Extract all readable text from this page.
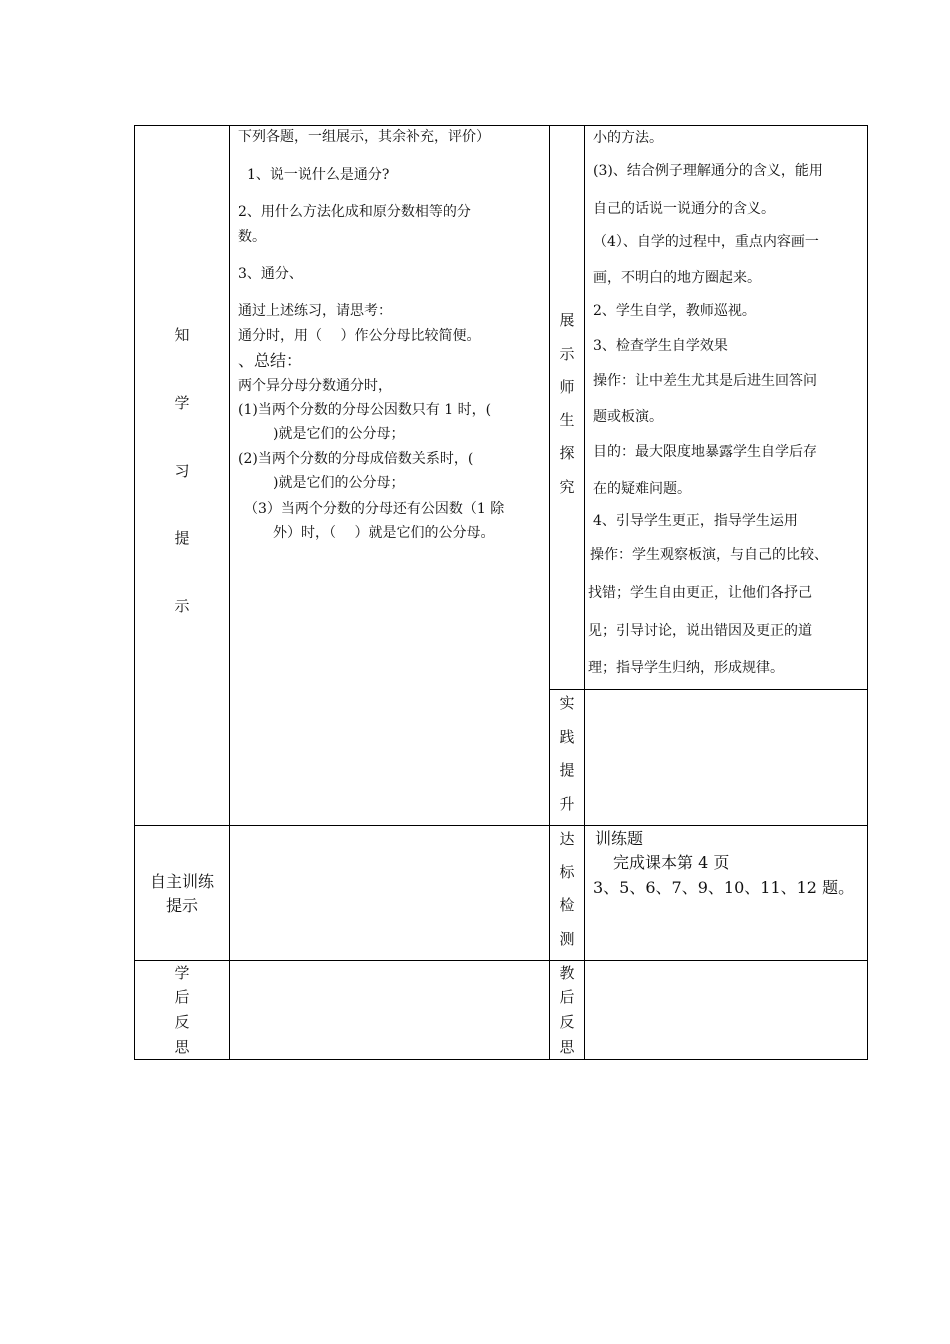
知
学
习
提
示
自主训练
提示
学
后
反
思
下列各题，一组展示，其余补充，评价）
1、说一说什么是通分?
2、用什么方法化成和原分数相等的分
数。
3、通分、
通过上述练习，请思考：
通分时，用（　 ）作公分母比较简便。
、总结：
两个异分母分数通分时，
(1)当两个分数的分母公因数只有 1 时，(
)就是它们的公分母；
(2)当两个分数的分母成倍数关系时，(
)就是它们的公分母；
（3）当两个分数的分母还有公因数（1 除
外）时，（　 ）就是它们的公分母。
展
示
师
生
探
究
实
践
提
升
达
标
检
测
教
后
反
思
小的方法。
(3)、结合例子理解通分的含义，能用
自己的话说一说通分的含义。
（4）、自学的过程中，重点内容画一
画，不明白的地方圈起来。
2、学生自学，教师巡视。
3、检查学生自学效果
操作：让中差生尤其是后进生回答问
题或板演。
目的：最大限度地暴露学生自学后存
在的疑难问题。
4、引导学生更正，指导学生运用
操作：学生观察板演，与自己的比较、
找错；学生自由更正，让他们各抒己
见；引导讨论，说出错因及更正的道
理；指导学生归纳，形成规律。
训练题
完成课本第 4 页
3、5、6、7、9、10、11、12 题。
